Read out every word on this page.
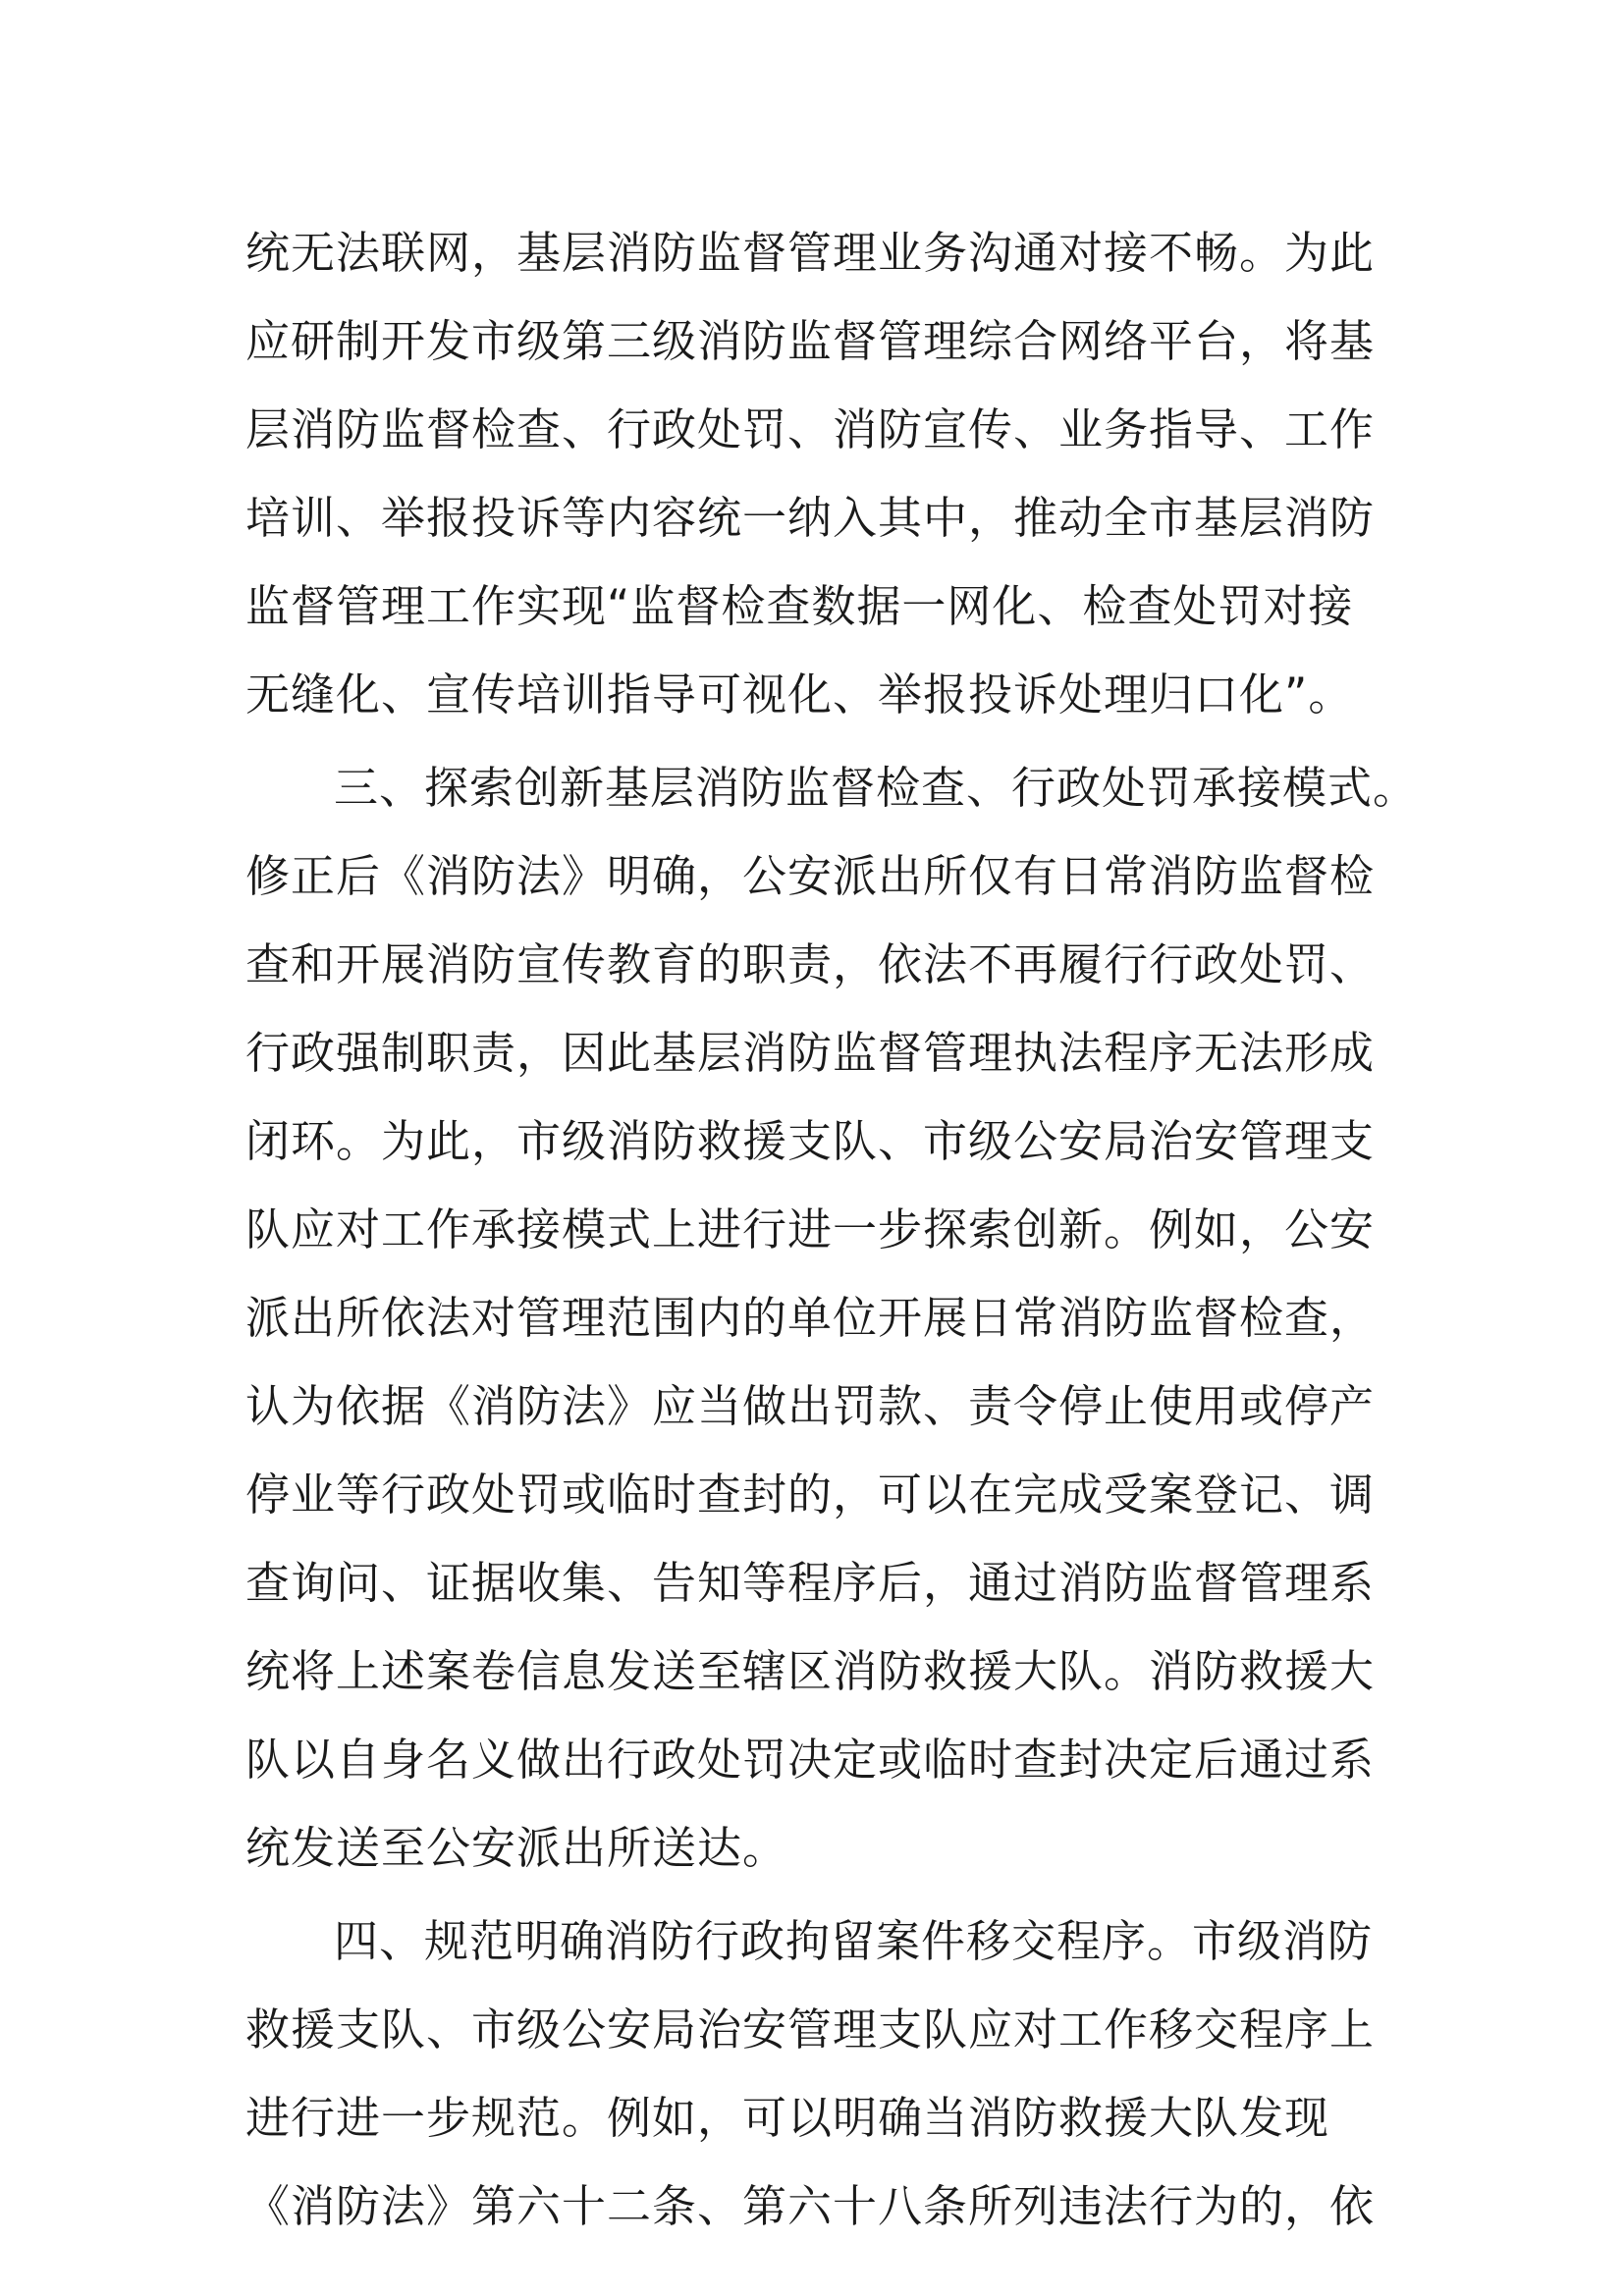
统无法联网，基层消防监督管理业务沟通对接不畅。为此
应研制开发市级第三级消防监督管理综合网络平台，将基
层消防监督检查、行政处罚、消防宣传、业务指导、工作
培训、举报投诉等内容统一纳入其中，推动全市基层消防
监督管理工作实现“监督检查数据一网化、检查处罚对接
无缝化、宣传培训指导可视化、举报投诉处理归口化”。
三、探索创新基层消防监督检查、行政处罚承接模式。
修正后《消防法》明确，公安派出所仅有日常消防监督检
查和开展消防宣传教育的职责，依法不再履行行政处罚、
行政强制职责，因此基层消防监督管理执法程序无法形成
闭环。为此，市级消防救援支队、市级公安局治安管理支
队应对工作承接模式上进行进一步探索创新。例如，公安
派出所依法对管理范围内的单位开展日常消防监督检查，
认为依据《消防法》应当做出罚款、责令停止使用或停产
停业等行政处罚或临时查封的，可以在完成受案登记、调
查询问、证据收集、告知等程序后，通过消防监督管理系
统将上述案卷信息发送至辖区消防救援大队。消防救援大
队以自身名义做出行政处罚决定或临时查封决定后通过系
统发送至公安派出所送达。
四、规范明确消防行政拘留案件移交程序。市级消防
救援支队、市级公安局治安管理支队应对工作移交程序上
进行进一步规范。例如，可以明确当消防救援大队发现
《消防法》第六十二条、第六十八条所列违法行为的，依
